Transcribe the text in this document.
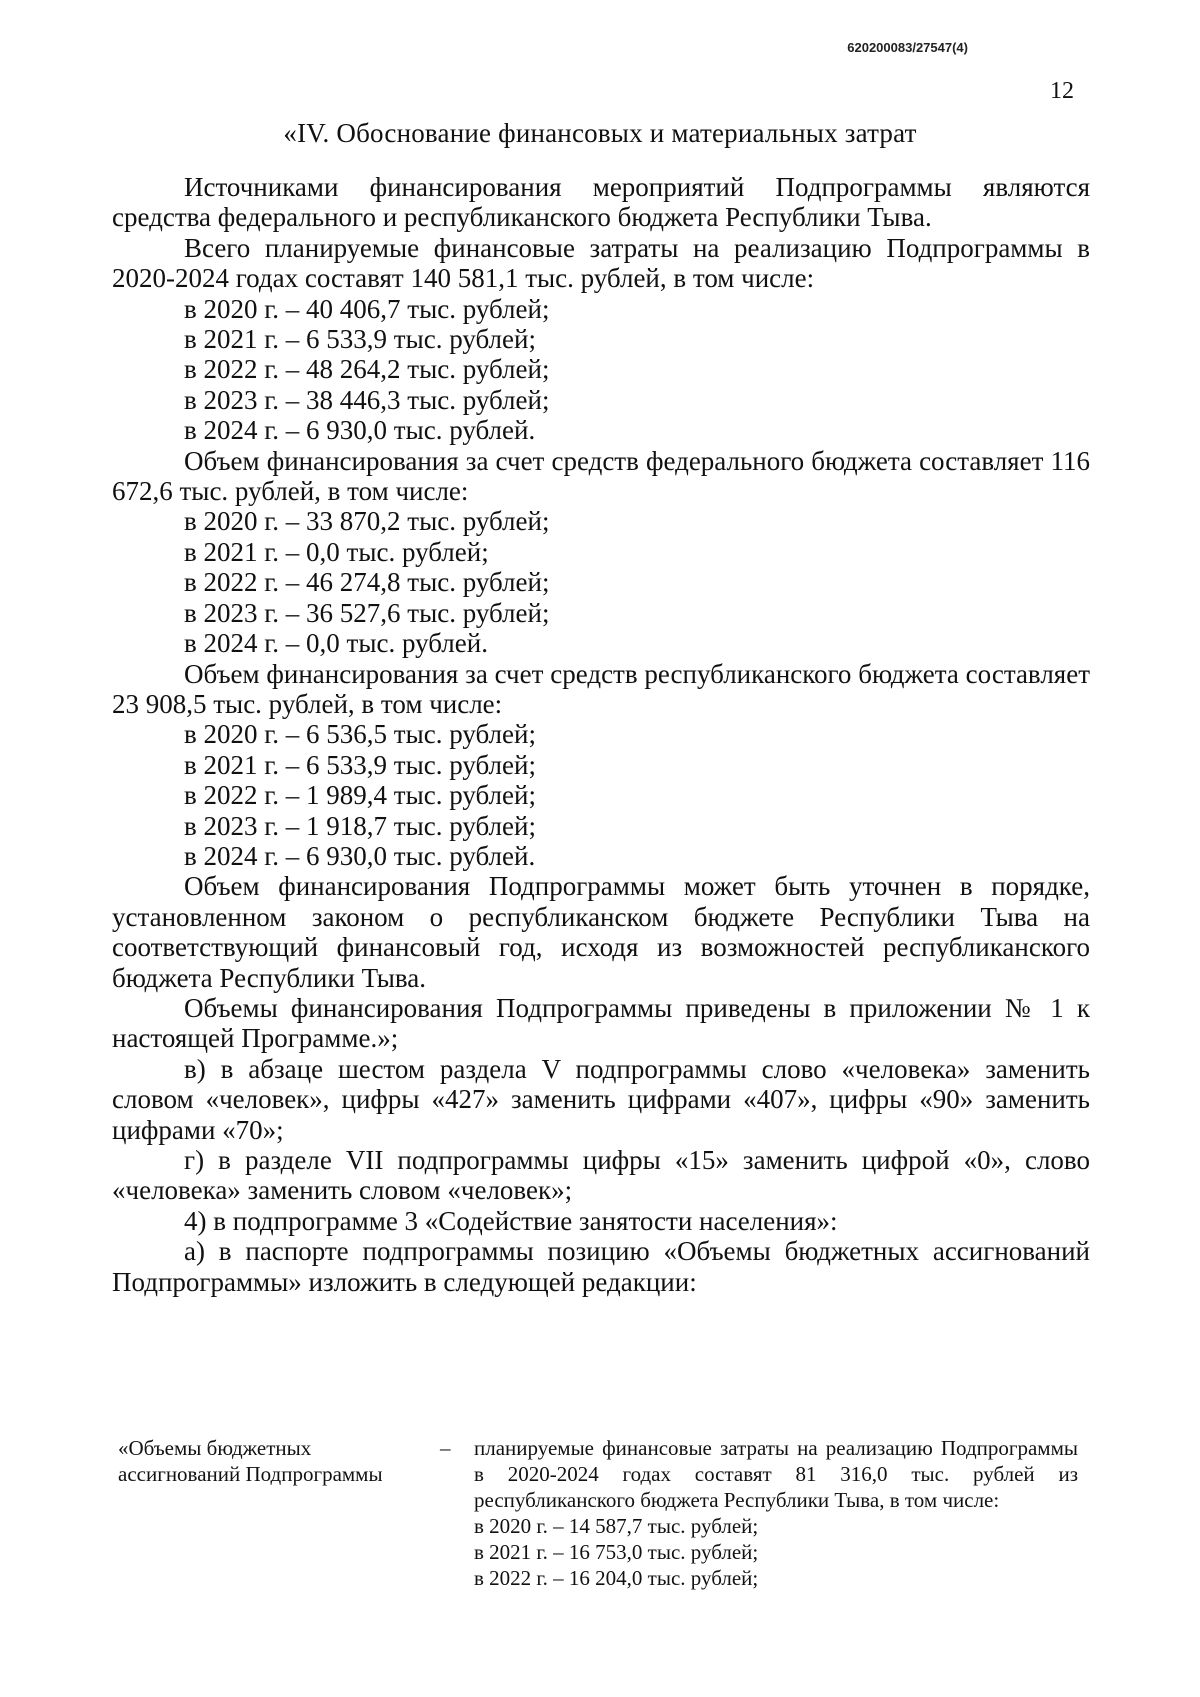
620200083/27547(4)
12
«IV. Обоснование финансовых и материальных затрат

Источниками финансирования мероприятий Подпрограммы являются средства федерального и республиканского бюджета Республики Тыва.

Всего планируемые финансовые затраты на реализацию Подпрограммы в 2020-2024 годах составят 140 581,1 тыс. рублей, в том числе:

в 2020 г. – 40 406,7 тыс. рублей;

в 2021 г. – 6 533,9 тыс. рублей;

в 2022 г. – 48 264,2 тыс. рублей;

в 2023 г. – 38 446,3 тыс. рублей;

в 2024 г. – 6 930,0 тыс. рублей.

Объем финансирования за счет средств федерального бюджета составляет 116 672,6 тыс. рублей, в том числе:

в 2020 г. – 33 870,2 тыс. рублей;

в 2021 г. – 0,0 тыс. рублей;

в 2022 г. – 46 274,8 тыс. рублей;

в 2023 г. – 36 527,6 тыс. рублей;

в 2024 г. – 0,0 тыс. рублей.

Объем финансирования за счет средств республиканского бюджета составляет 23 908,5 тыс. рублей, в том числе:

в 2020 г. – 6 536,5 тыс. рублей;

в 2021 г. – 6 533,9 тыс. рублей;

в 2022 г. – 1 989,4 тыс. рублей;

в 2023 г. – 1 918,7 тыс. рублей;

в 2024 г. – 6 930,0 тыс. рублей.

Объем финансирования Подпрограммы может быть уточнен в порядке, установленном законом о республиканском бюджете Республики Тыва на соответствующий финансовый год, исходя из возможностей республиканского бюджета Республики Тыва.

Объемы финансирования Подпрограммы приведены в приложении № 1 к настоящей Программе.»;

в) в абзаце шестом раздела V подпрограммы слово «человека» заменить словом «человек», цифры «427» заменить цифрами «407», цифры «90» заменить цифрами «70»;

г) в разделе VII подпрограммы цифры «15» заменить цифрой «0», слово «человека» заменить словом «человек»;

4) в подпрограмме 3 «Содействие занятости населения»:

а) в паспорте подпрограммы позицию «Объемы бюджетных ассигнований Подпрограммы» изложить в следующей редакции:

«Объемы бюджетных ассигнований Подпрограммы
– планируемые финансовые затраты на реализацию Подпрограммы в 2020-2024 годах составят 81 316,0 тыс. рублей из республиканского бюджета Республики Тыва, в том числе:

в 2020 г. – 14 587,7 тыс. рублей;

в 2021 г. – 16 753,0 тыс. рублей;

в 2022 г. – 16 204,0 тыс. рублей;
